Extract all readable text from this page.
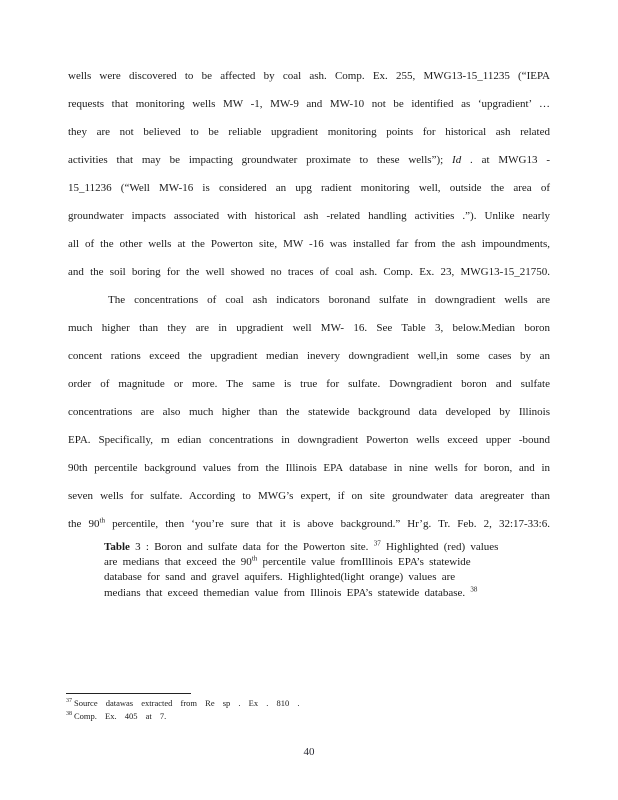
wells were discovered to be affected by coal ash. Comp. Ex. 255, MWG13-15_11235 (“IEPA
requests that monitoring wells MW -1, MW-9 and MW-10 not be identified as ‘upgradient’ …
they are not believed to be reliable upgradient monitoring points for historical ash related
activities that may be impacting groundwater proximate to these wells”); Id . at MWG13 -
15_11236 (“Well MW-16 is considered an upg radient monitoring well, outside the area of
groundwater impacts associated with historical ash -related handling activities .”). Unlike nearly
all of the other wells at the Powerton site, MW -16 was installed far from the ash impoundments,
and the soil boring for the well showed no traces of coal ash. Comp. Ex. 23, MWG13-15_21750.
The concentrations of coal ash indicators boronand sulfate in downgradient wells are
much higher than they are in upgradient well MW- 16. See Table 3, below.Median boron
concent rations exceed the upgradient median inevery downgradient well,in some cases by an
order of magnitude or more. The same is true for sulfate. Downgradient boron and sulfate
concentrations are also much higher than the statewide background data developed by Illinois
EPA. Specifically, m edian concentrations in downgradient Powerton wells exceed upper -bound
90th percentile background values from the Illinois EPA database in nine wells for boron, and in
seven wells for sulfate. According to MWG’s expert, if on site groundwater data aregreater than
the 90th percentile, then ‘you’re sure that it is above background.” Hr’g. Tr. Feb. 2, 32:17-33:6.
Table 3 : Boron and sulfate data for the Powerton site. $^{37}$ Highlighted (red) values
are medians that exceed the 90th percentile value fromIllinois EPA’s statewide
database for sand and gravel aquifers. Highlighted(light orange) values are
medians that exceed themedian value from Illinois EPA’s statewide database. $^{38}$
$^{37}$ Source datawas extracted from Re sp . Ex . 810 .
$^{38}$ Comp. Ex. 405 at 7.
40
